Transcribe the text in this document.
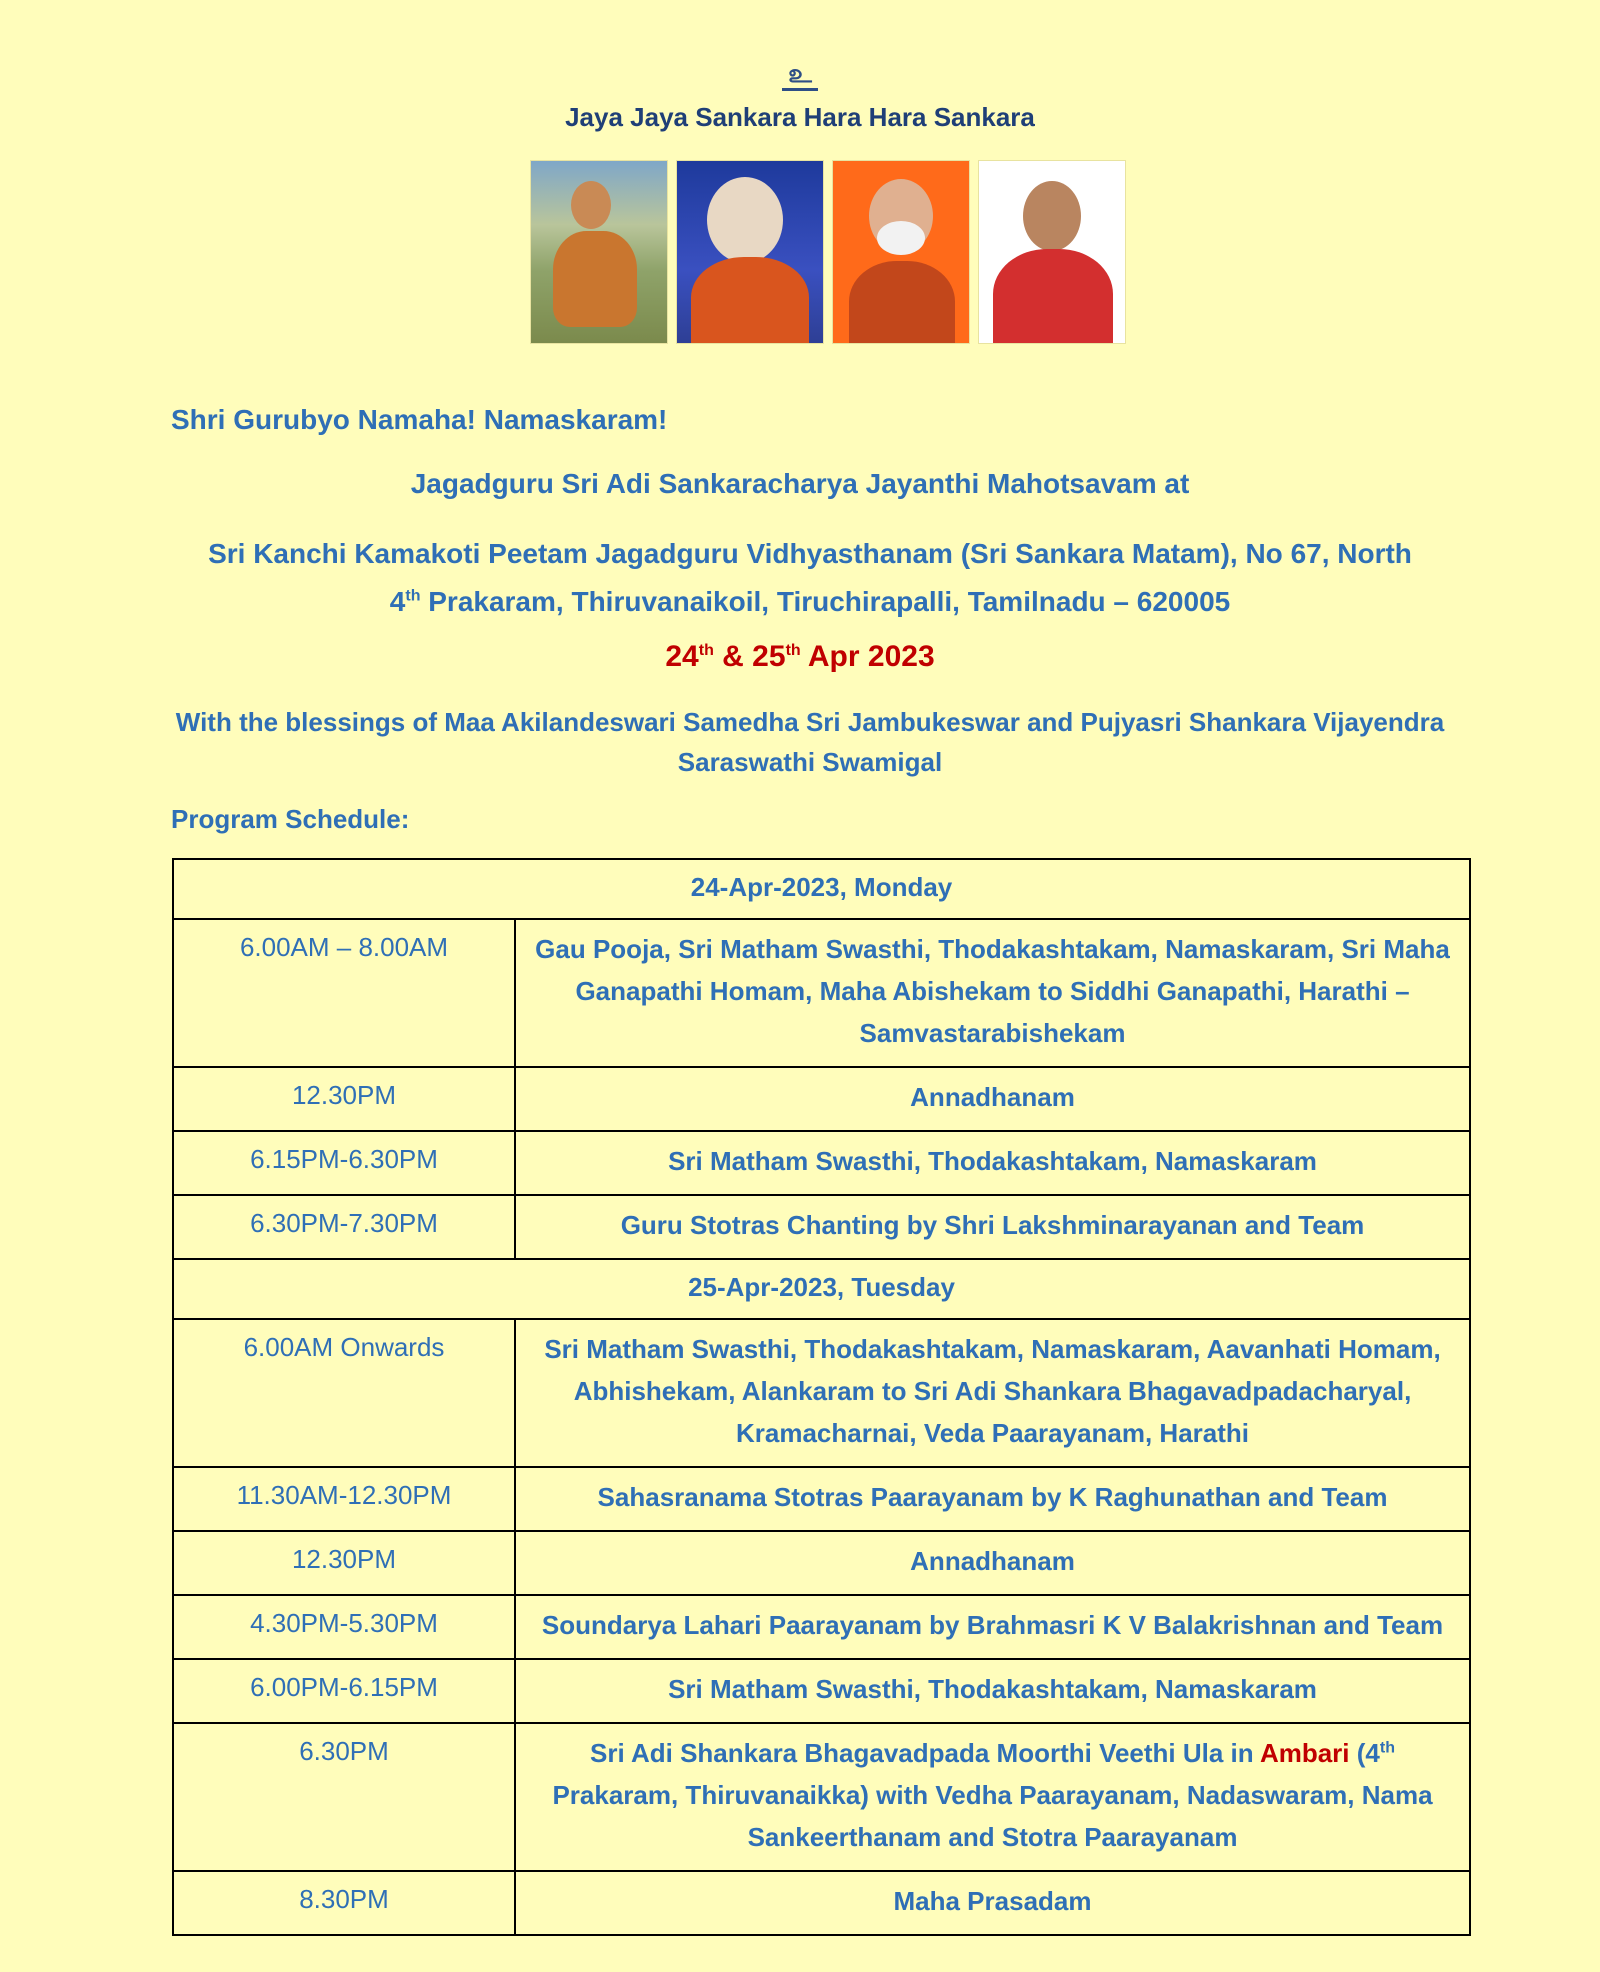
உ
Jaya Jaya Sankara Hara Hara Sankara
Shri Gurubyo Namaha! Namaskaram!
Jagadguru Sri Adi Sankaracharya Jayanthi Mahotsavam at
Sri Kanchi Kamakoti Peetam Jagadguru Vidhyasthanam (Sri Sankara Matam), No 67, North
4th Prakaram, Thiruvanaikoil, Tiruchirapalli, Tamilnadu – 620005
24th & 25th Apr 2023
With the blessings of Maa Akilandeswari Samedha Sri Jambukeswar and Pujyasri Shankara Vijayendra Saraswathi Swamigal
Program Schedule:
24-Apr-2023, Monday	
6.00AM – 8.00AM	Gau Pooja, Sri Matham Swasthi, Thodakashtakam, Namaskaram, Sri Maha Ganapathi Homam, Maha Abishekam to Siddhi Ganapathi, Harathi – Samvastarabishekam
12.30PM	Annadhanam
6.15PM-6.30PM	Sri Matham Swasthi, Thodakashtakam, Namaskaram
6.30PM-7.30PM	Guru Stotras Chanting by Shri Lakshminarayanan and Team
25-Apr-2023, Tuesday	
6.00AM Onwards	Sri Matham Swasthi, Thodakashtakam, Namaskaram, Aavanhati Homam, Abhishekam, Alankaram to Sri Adi Shankara Bhagavadpadacharyal, Kramacharnai, Veda Paarayanam, Harathi
11.30AM-12.30PM	Sahasranama Stotras Paarayanam by K Raghunathan and Team
12.30PM	Annadhanam
4.30PM-5.30PM	Soundarya Lahari Paarayanam by Brahmasri K V Balakrishnan and Team
6.00PM-6.15PM	Sri Matham Swasthi, Thodakashtakam, Namaskaram
6.30PM	Sri Adi Shankara Bhagavadpada Moorthi Veethi Ula in Ambari (4th Prakaram, Thiruvanaikka) with Vedha Paarayanam, Nadaswaram, Nama Sankeerthanam and Stotra Paarayanam
8.30PM	Maha Prasadam
